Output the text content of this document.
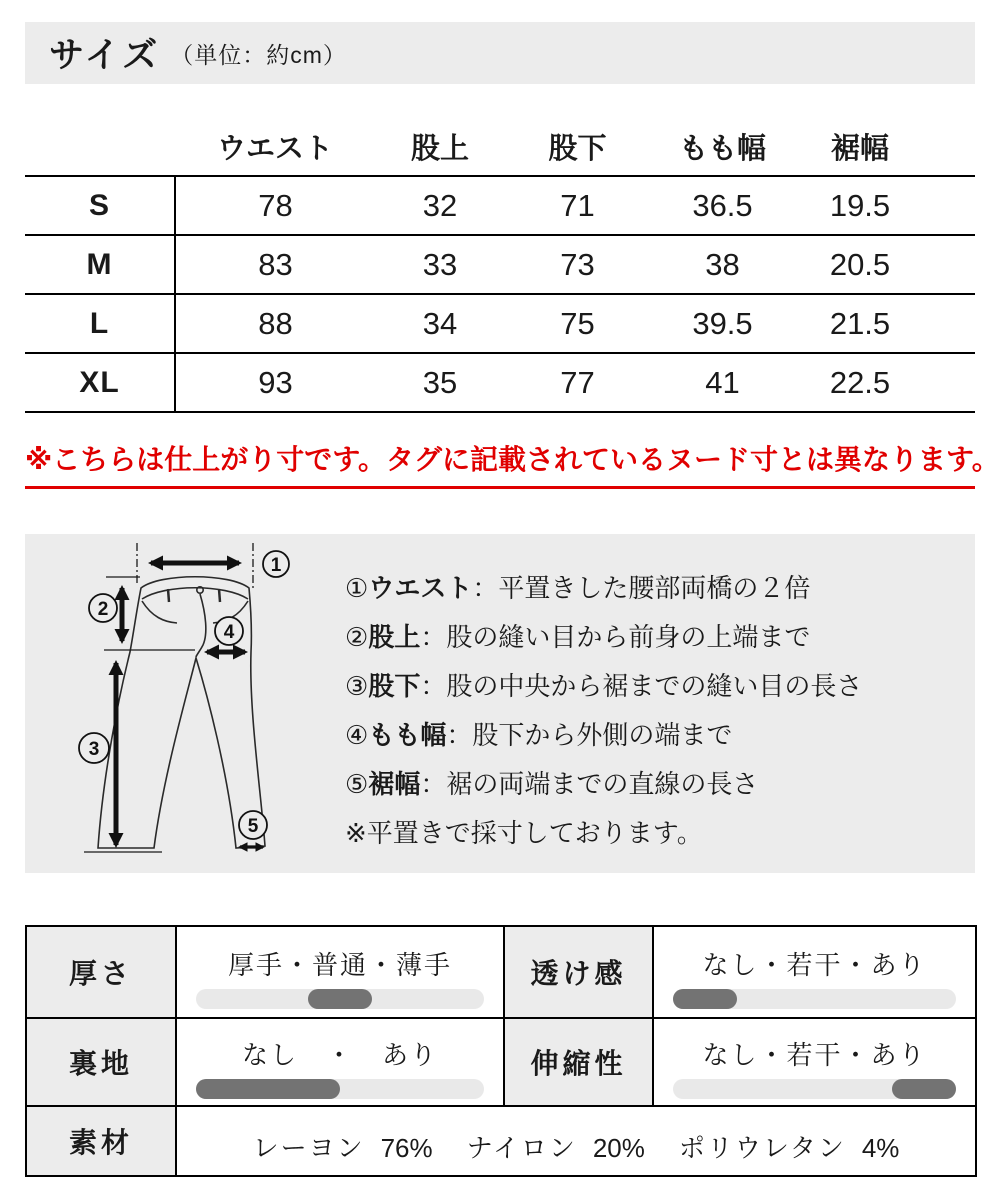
サイズ （単位：約cm）
	ウエスト	股上	股下	もも幅	裾幅	
S	78	32	71	36.5	19.5	
M	83	33	73	38	20.5	
L	88	34	75	39.5	21.5	
XL	93	35	77	41	22.5	
※こちらは仕上がり寸です。タグに記載されているヌード寸とは異なります。
1
2
3
4
5
①ウエスト：平置きした腰部両橋の２倍
②股上：股の縫い目から前身の上端まで
③股下：股の中央から裾までの縫い目の長さ
④もも幅：股下から外側の端まで
⑤裾幅：裾の両端までの直線の長さ
※平置きで採寸しております。
厚さ	厚手・普通・薄手	透け感	なし・若干・あり

裏地	なし　・　あり	伸縮性	なし・若干・あり

素材	レーヨン 76% ナイロン 20% ポリウレタン 4%		
